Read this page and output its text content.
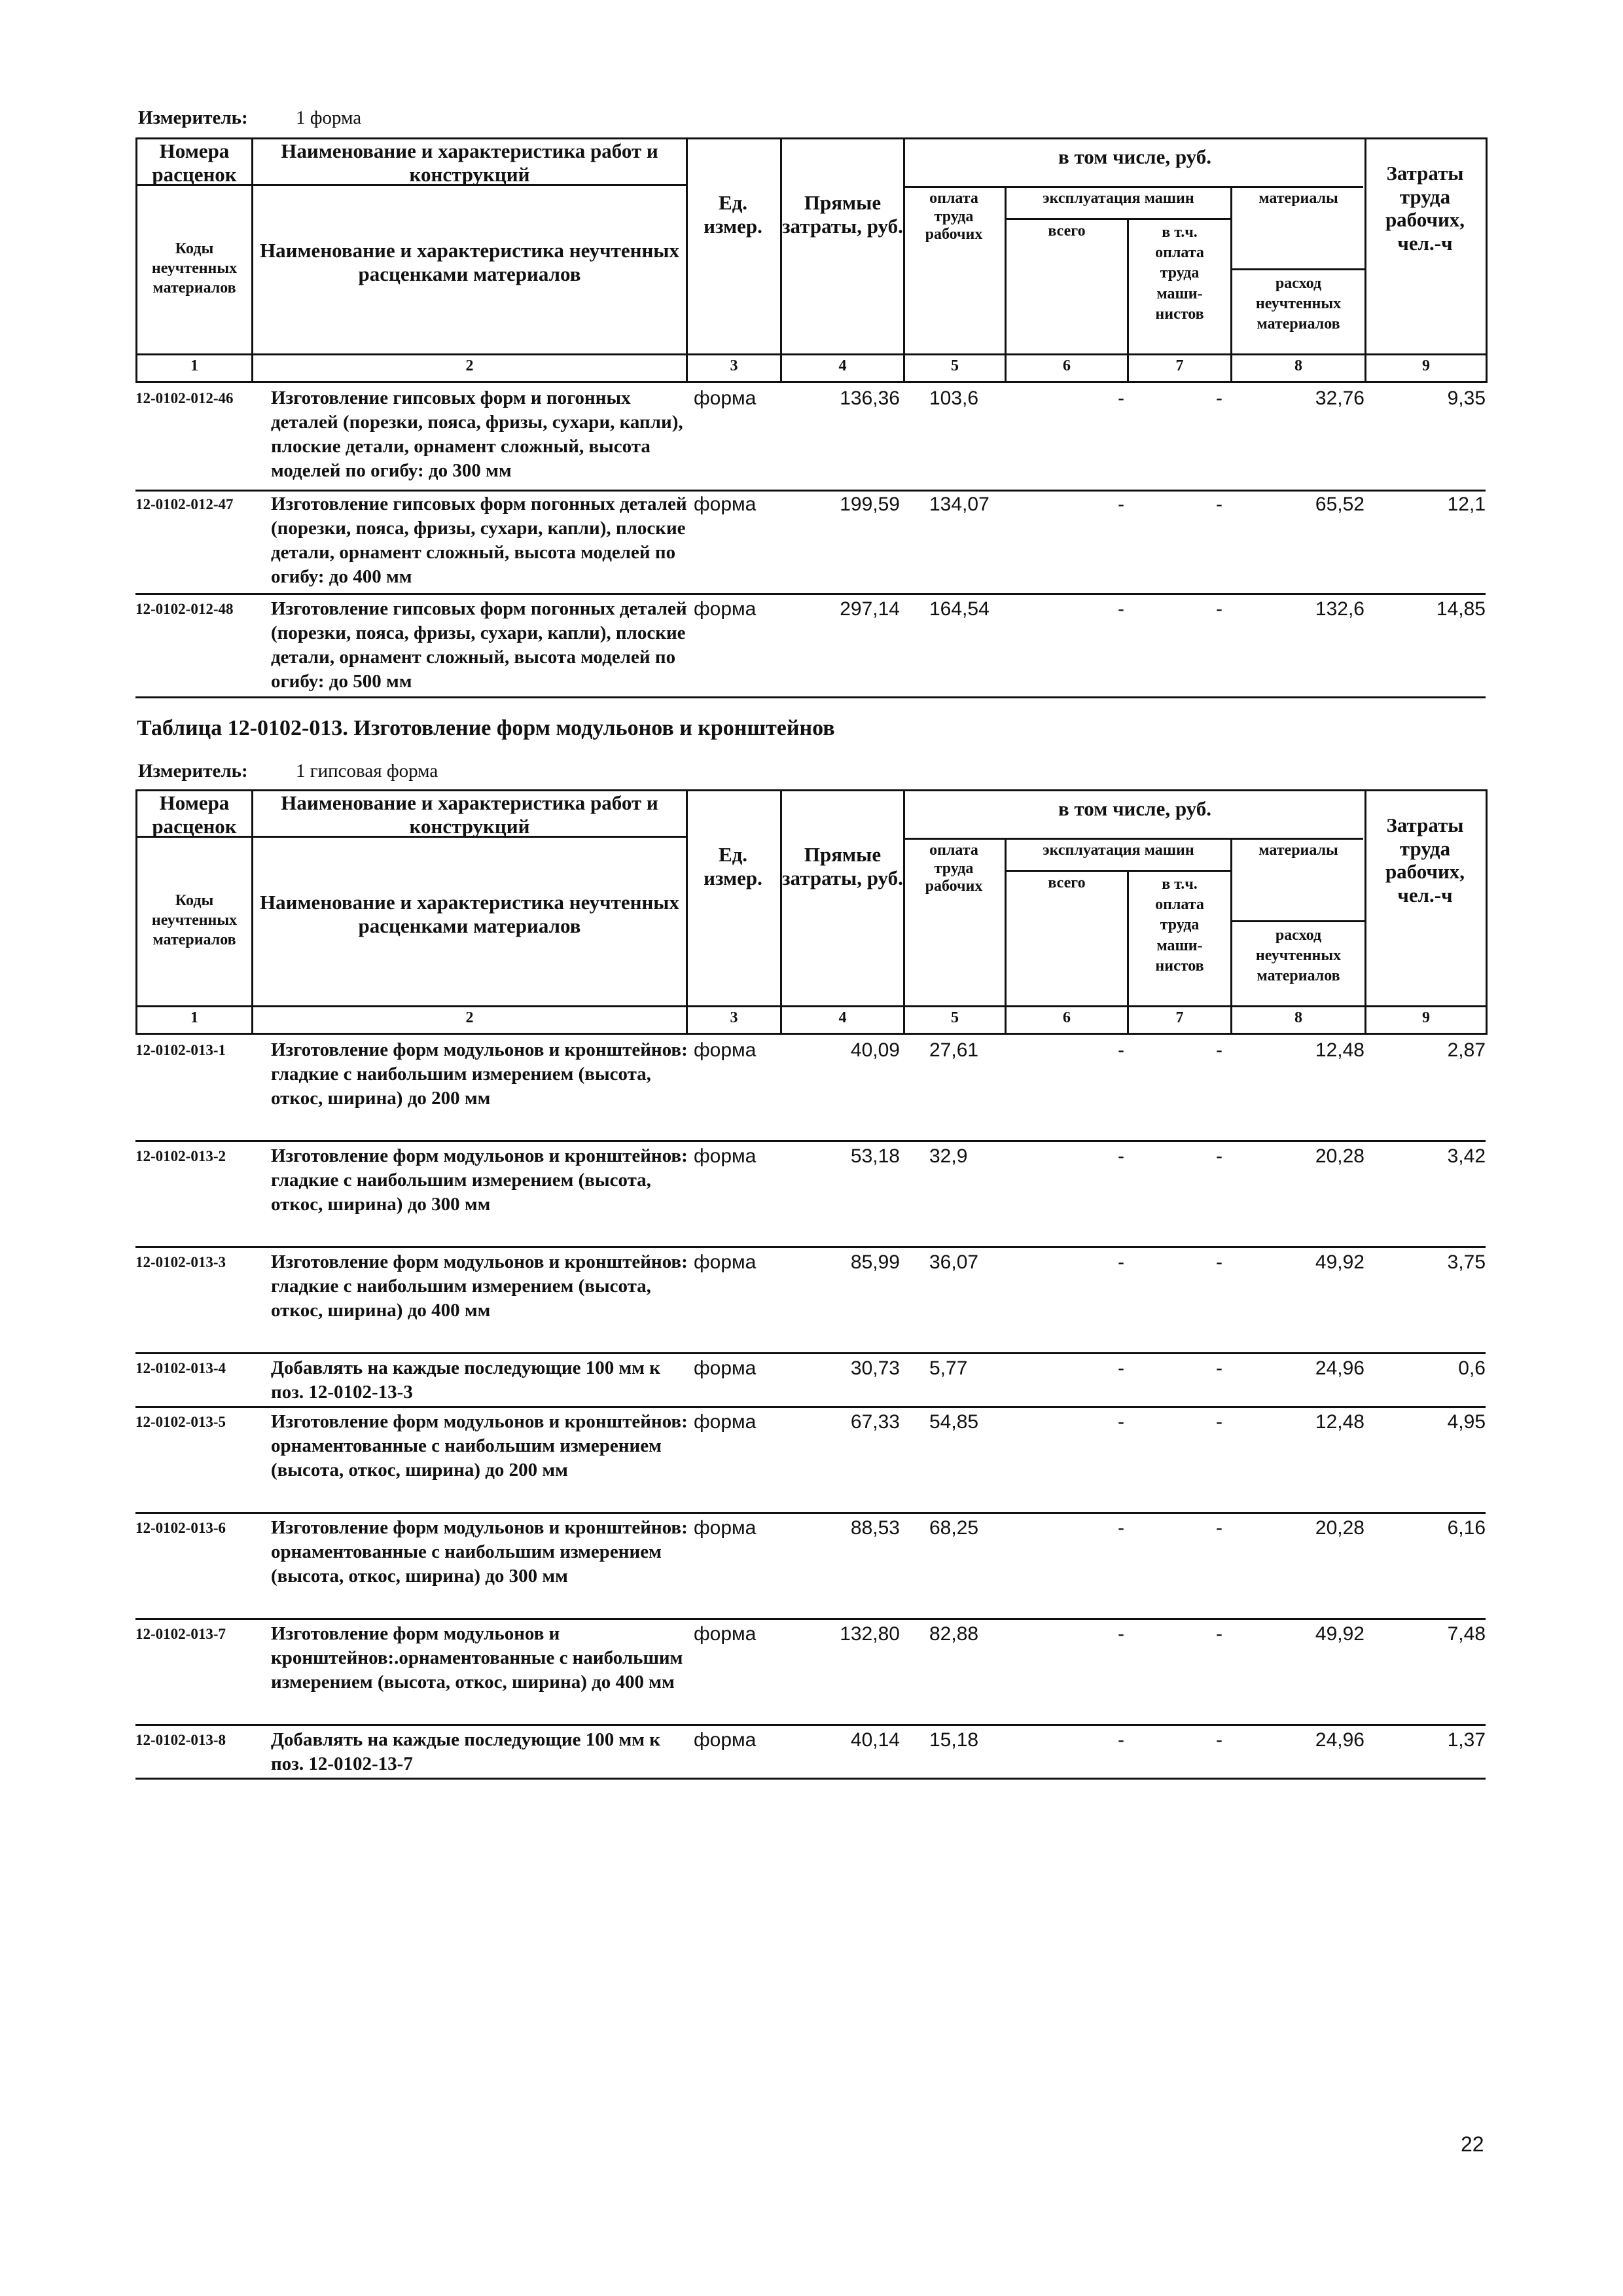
Измеритель:	1 форма
Номера расценок
Наименование и характеристика работ и конструкций
Коды неучтенных материалов
Наименование и характеристика неучтенных расценками материалов
Ед. измер.
Прямые затраты, руб.
в том числе, руб.
оплата труда рабочих
эксплуатация машин
всего	в т.ч. оплата труда маши-нистов
материалы
расход неучтенных материалов
Затраты труда рабочих, чел.-ч
1	2	3	4	5	6	7	8	9
12-0102-012-46 Изготовление гипсовых форм и погонных деталей (порезки, пояса, фризы, сухари, капли), плоские детали, орнамент сложный, высота моделей по огибу: до 300 мм
форма	136,36 103,6	-	-	32,76	9,35
12-0102-012-47 Изготовление гипсовых форм погонных деталей (порезки, пояса, фризы, сухари, капли), плоские детали, орнамент сложный, высота моделей по огибу: до 400 мм
форма	199,59 134,07	-	-	65,52	12,1
12-0102-012-48 Изготовление гипсовых форм погонных деталей (порезки, пояса, фризы, сухари, капли), плоские детали, орнамент сложный, высота моделей по огибу: до 500 мм
форма	297,14 164,54	-	-	132,6	14,85
Таблица 12-0102-013. Изготовление форм модульонов и кронштейнов
Измеритель:	1 гипсовая форма
Номера расценок
Наименование и характеристика работ и конструкций
Коды неучтенных материалов
Наименование и характеристика неучтенных расценками материалов
Ед. измер.
Прямые затраты, руб.
в том числе, руб.
оплата труда рабочих
эксплуатация машин
всего	в т.ч. оплата труда маши-нистов
материалы
расход неучтенных материалов
Затраты труда рабочих, чел.-ч
1	2	3	4	5	6	7	8	9
12-0102-013-1 Изготовление форм модульонов и кронштейнов: гладкие с наибольшим измерением (высота, откос, ширина) до 200 мм
форма	40,09 27,61	-	-	12,48	2,87
12-0102-013-2 Изготовление форм модульонов и кронштейнов: гладкие с наибольшим измерением (высота, откос, ширина) до 300 мм
форма	53,18 32,9	-	-	20,28	3,42
12-0102-013-3 Изготовление форм модульонов и кронштейнов: гладкие с наибольшим измерением (высота, откос, ширина) до 400 мм
форма	85,99 36,07	-	-	49,92	3,75
12-0102-013-4 Добавлять на каждые последующие 100 мм к поз. 12-0102-13-3
форма	30,73 5,77	-	-	24,96	0,6
12-0102-013-5 Изготовление форм модульонов и кронштейнов: орнаментованные с наибольшим измерением (высота, откос, ширина) до 200 мм
форма	67,33 54,85	-	-	12,48	4,95
12-0102-013-6 Изготовление форм модульонов и кронштейнов: орнаментованные с наибольшим измерением (высота, откос, ширина) до 300 мм
форма	88,53 68,25	-	-	20,28	6,16
12-0102-013-7 Изготовление форм модульонов и кронштейнов:.орнаментованные с наибольшим измерением (высота, откос, ширина) до 400 мм
форма	132,80 82,88	-	-	49,92	7,48
12-0102-013-8 Добавлять на каждые последующие 100 мм к поз. 12-0102-13-7
форма	40,14 15,18	-	-	24,96	1,37
22
